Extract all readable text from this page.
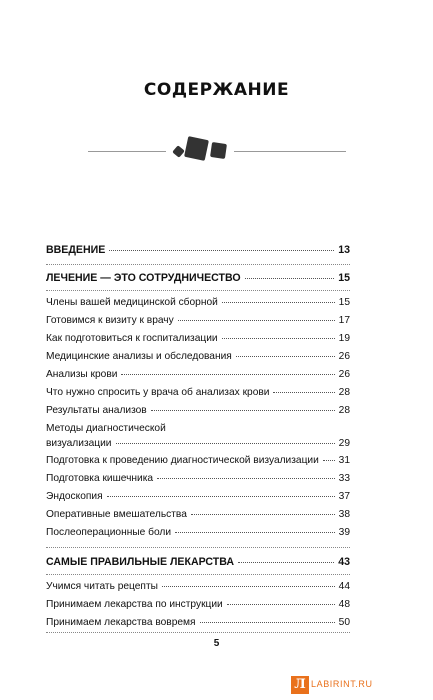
СОДЕРЖАНИЕ
ВВЕДЕНИЕ	13
ЛЕЧЕНИЕ — ЭТО СОТРУДНИЧЕСТВО	15
Члены вашей медицинской сборной	15
Готовимся к визиту к врачу	17
Как подготовиться к госпитализации	19
Медицинские анализы и обследования	26
Анализы крови	26
Что нужно спросить у врача об анализах крови	28
Результаты анализов	28
Методы диагностической
визуализации	29
Подготовка к проведению диагностической визуализации 31
Подготовка кишечника	33
Эндоскопия	37
Оперативные вмешательства	38
Послеоперационные боли	39
САМЫЕ ПРАВИЛЬНЫЕ ЛЕКАРСТВА	43
Учимся читать рецепты	44
Принимаем лекарства по инструкции	48
Принимаем лекарства вовремя	50
5
Л LABIRINT.RU
